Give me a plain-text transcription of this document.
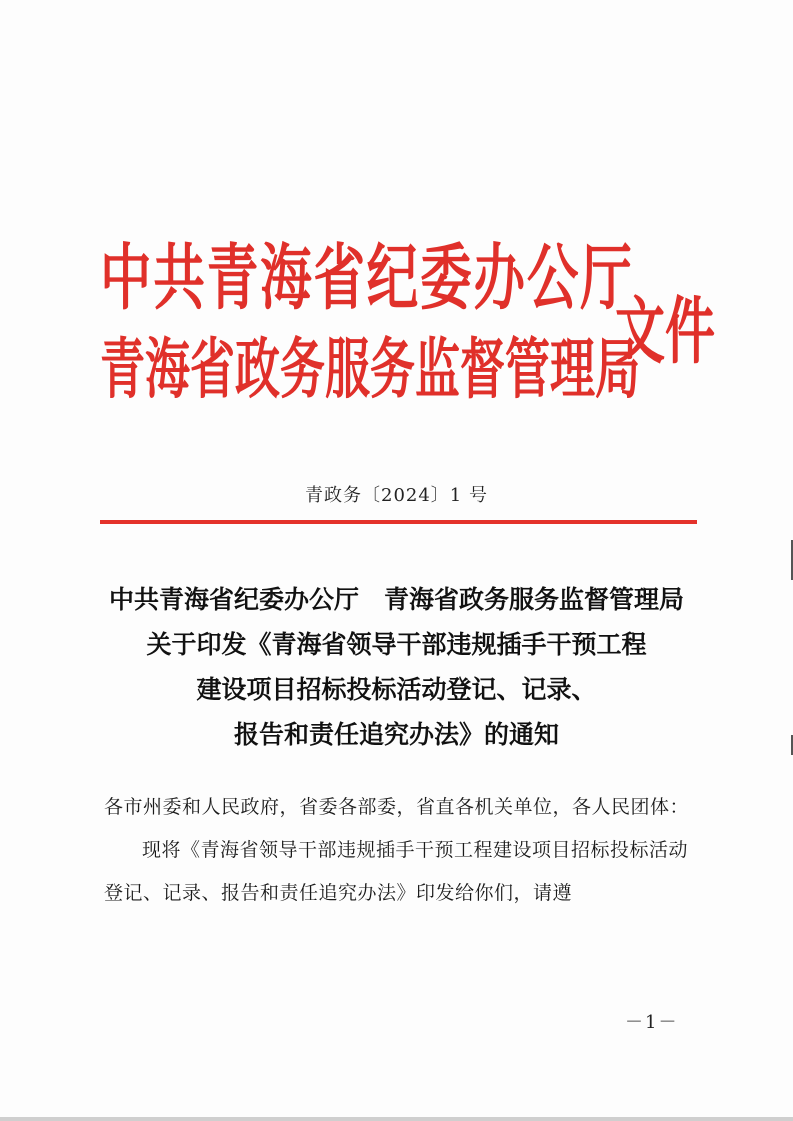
中共青海省纪委办公厅
青海省政务服务监督管理局
文件
青政务〔2024〕1 号
中共青海省纪委办公厅　青海省政务服务监督管理局
关于印发《青海省领导干部违规插手干预工程
建设项目招标投标活动登记、记录、
报告和责任追究办法》的通知

各市州委和人民政府，省委各部委，省直各机关单位，各人民团体：

现将《青海省领导干部违规插手干预工程建设项目招标投标活动登记、记录、报告和责任追究办法》印发给你们，请遵

－1－
